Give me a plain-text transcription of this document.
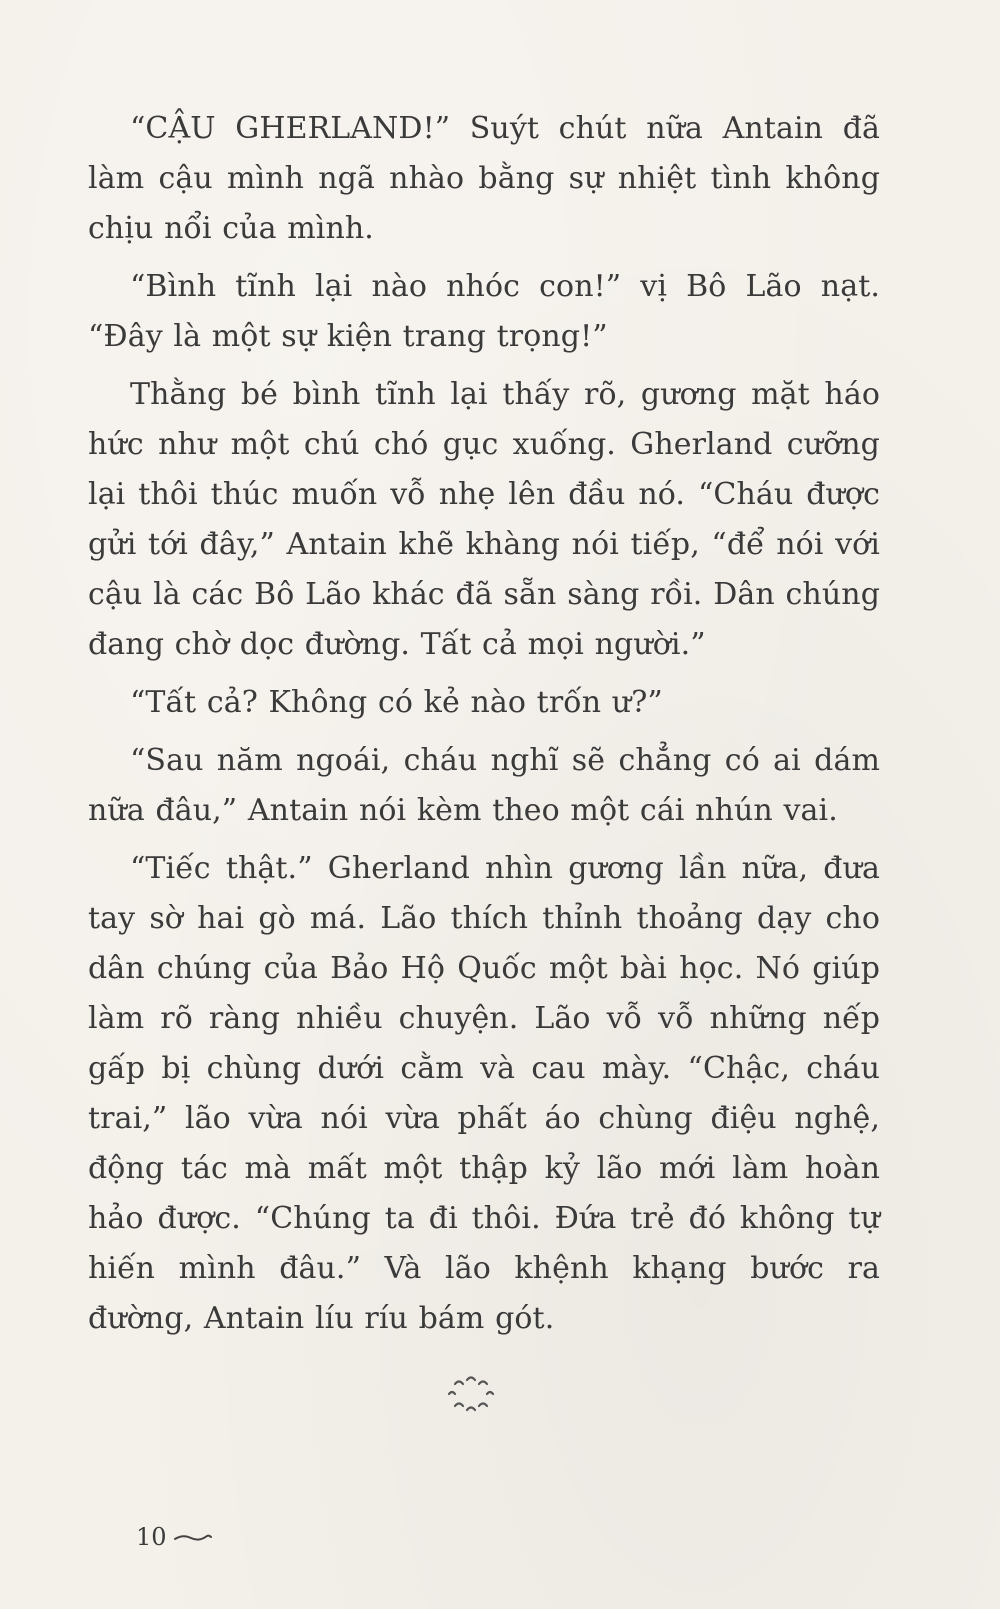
“CẬU GHERLAND!” Suýt chút nữa Antain đã làm cậu mình ngã nhào bằng sự nhiệt tình không chịu nổi của mình.

“Bình tĩnh lại nào nhóc con!” vị Bô Lão nạt. “Đây là một sự kiện trang trọng!”

Thằng bé bình tĩnh lại thấy rõ, gương mặt háo hức như một chú chó gục xuống. Gherland cưỡng lại thôi thúc muốn vỗ nhẹ lên đầu nó. “Cháu được gửi tới đây,” Antain khẽ khàng nói tiếp, “để nói với cậu là các Bô Lão khác đã sẵn sàng rồi. Dân chúng đang chờ dọc đường. Tất cả mọi người.”

“Tất cả? Không có kẻ nào trốn ư?”

“Sau năm ngoái, cháu nghĩ sẽ chẳng có ai dám nữa đâu,” Antain nói kèm theo một cái nhún vai.

“Tiếc thật.” Gherland nhìn gương lần nữa, đưa tay sờ hai gò má. Lão thích thỉnh thoảng dạy cho dân chúng của Bảo Hộ Quốc một bài học. Nó giúp làm rõ ràng nhiều chuyện. Lão vỗ vỗ những nếp gấp bị chùng dưới cằm và cau mày. “Chậc, cháu trai,” lão vừa nói vừa phất áo chùng điệu nghệ, động tác mà mất một thập kỷ lão mới làm hoàn hảo được. “Chúng ta đi thôi. Đứa trẻ đó không tự hiến mình đâu.” Và lão khệnh khạng bước ra đường, Antain líu ríu bám gót.

10
